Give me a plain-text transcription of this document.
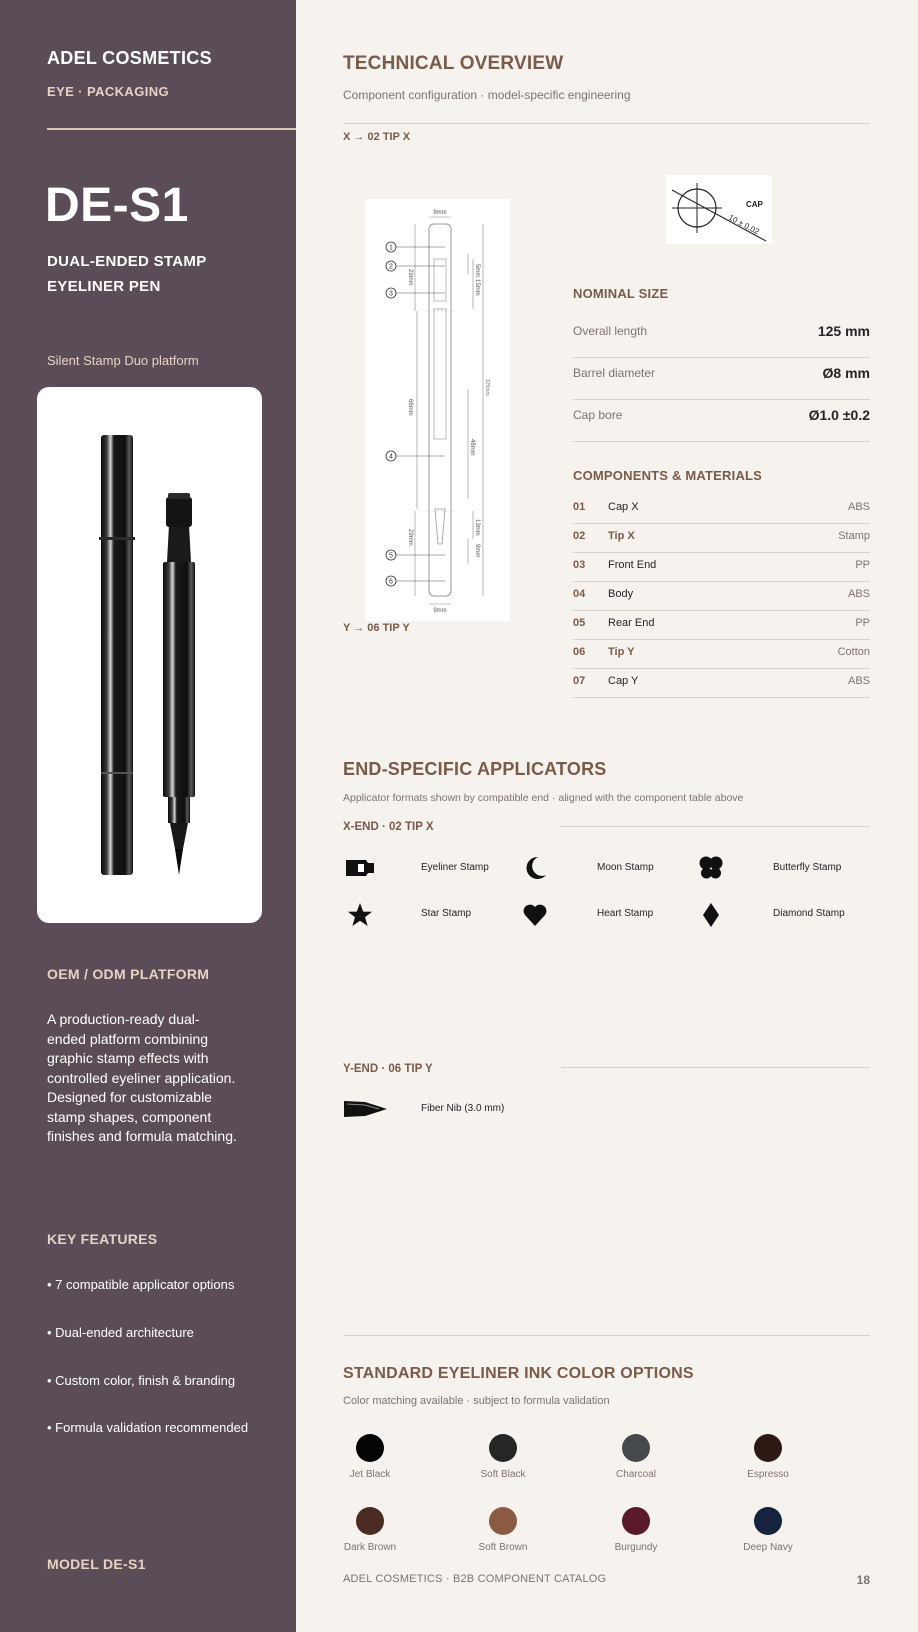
ADEL COSMETICS
EYE · PACKAGING
DE-S1
DUAL-ENDED STAMP EYELINER PEN
Silent Stamp Duo platform
OEM / ODM PLATFORM
A production-ready dual-ended platform combining graphic stamp effects with controlled eyeliner application. Designed for customizable stamp shapes, component finishes and formula matching.
KEY FEATURES
• 7 compatible applicator options
• Dual-ended architecture
• Custom color, finish & branding
• Formula validation recommended
MODEL DE-S1
TECHNICAL OVERVIEW
Component configuration · model-specific engineering
X → 02 TIP X
9mm
9mm
5mm
15mm
29mm
66mm
48mm
13mm
9mm
29mm
125mm
1
2
3
4
5
6
Y → 06 TIP Y
CAP
10 ± 0.02
NOMINAL SIZE
Overall length	125 mm
Barrel diameter	Ø8 mm
Cap bore	Ø1.0 ±0.2
COMPONENTS & MATERIALS
01 Cap X	ABS
02 Tip X	Stamp
03 Front End	PP
04 Body	ABS
05 Rear End	PP
06 Tip Y	Cotton
07 Cap Y	ABS
END-SPECIFIC APPLICATORS
Applicator formats shown by compatible end · aligned with the component table above
X-END · 02 TIP X
Eyeliner Stamp	Moon Stamp	Butterfly Stamp
Star Stamp	Heart Stamp	Diamond Stamp
Y-END · 06 TIP Y
Fiber Nib (3.0 mm)
STANDARD EYELINER INK COLOR OPTIONS
Color matching available · subject to formula validation
Jet Black	Soft Black	Charcoal	Espresso
Dark Brown	Soft Brown	Burgundy	Deep Navy
ADEL COSMETICS · B2B COMPONENT CATALOG	18
